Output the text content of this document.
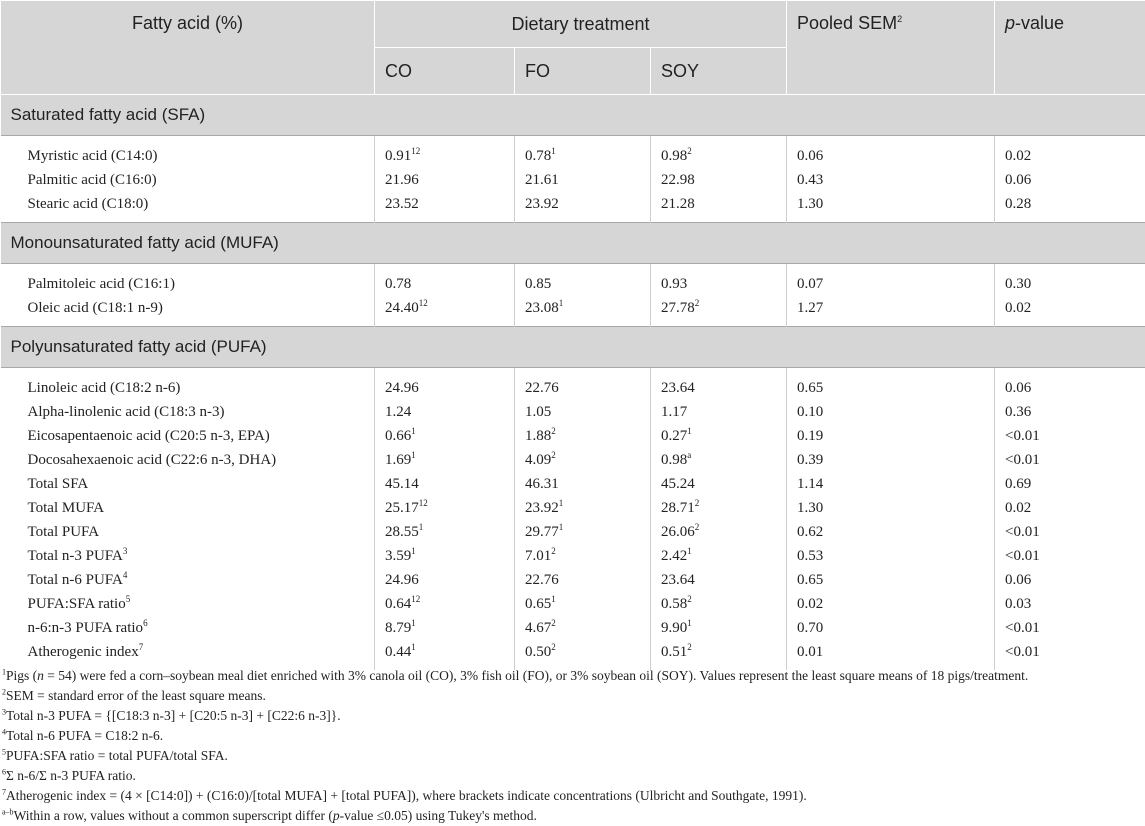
Fatty acid (%)	Dietary treatment			Pooled SEM$^2$	p-value
	CO	FO	SOY		
Saturated fatty acid (SFA)					
Myristic acid (C14:0)	0.91$^{12}$	0.78$^1$	0.98$^2$	0.06	0.02
Palmitic acid (C16:0)	21.96	21.61	22.98	0.43	0.06
Stearic acid (C18:0)	23.52	23.92	21.28	1.30	0.28
Monounsaturated fatty acid (MUFA)					
Palmitoleic acid (C16:1)	0.78	0.85	0.93	0.07	0.30
Oleic acid (C18:1 n-9)	24.40$^{12}$	23.08$^1$	27.78$^2$	1.27	0.02
Polyunsaturated fatty acid (PUFA)					
Linoleic acid (C18:2 n-6)	24.96	22.76	23.64	0.65	0.06
Alpha-linolenic acid (C18:3 n-3)	1.24	1.05	1.17	0.10	0.36
Eicosapentaenoic acid (C20:5 n-3, EPA)	0.66$^1$	1.88$^2$	0.27$^1$	0.19	<0.01
Docosahexaenoic acid (C22:6 n-3, DHA)	1.69$^1$	4.09$^2$	0.98$^a$	0.39	<0.01
Total SFA	45.14	46.31	45.24	1.14	0.69
Total MUFA	25.17$^{12}$	23.92$^1$	28.71$^2$	1.30	0.02
Total PUFA	28.55$^1$	29.77$^1$	26.06$^2$	0.62	<0.01
Total n-3 PUFA$^3$	3.59$^1$	7.01$^2$	2.42$^1$	0.53	<0.01
Total n-6 PUFA$^4$	24.96	22.76	23.64	0.65	0.06
PUFA:SFA ratio$^5$	0.64$^{12}$	0.65$^1$	0.58$^2$	0.02	0.03
n-6:n-3 PUFA ratio$^6$	8.79$^1$	4.67$^2$	9.90$^1$	0.70	<0.01
Atherogenic index$^7$	0.44$^1$	0.50$^2$	0.51$^2$	0.01	<0.01
$^1$Pigs (n = 54) were fed a corn–soybean meal diet enriched with 3% canola oil (CO), 3% fish oil (FO), or 3% soybean oil (SOY). Values represent the least square means of 18 pigs/treatment.
$^2$SEM = standard error of the least square means.
$^3$Total n-3 PUFA = {[C18:3 n-3] + [C20:5 n-3] + [C22:6 n-3]}.
$^4$Total n-6 PUFA = C18:2 n-6.
$^5$PUFA:SFA ratio = total PUFA/total SFA.
$^6$Σ n-6/Σ n-3 PUFA ratio.
$^7$Atherogenic index = (4 × [C14:0]) + (C16:0)/[total MUFA] + [total PUFA]), where brackets indicate concentrations (Ulbricht and Southgate, 1991).
$^{a-b}$Within a row, values without a common superscript differ (p-value ≤0.05) using Tukey's method.
